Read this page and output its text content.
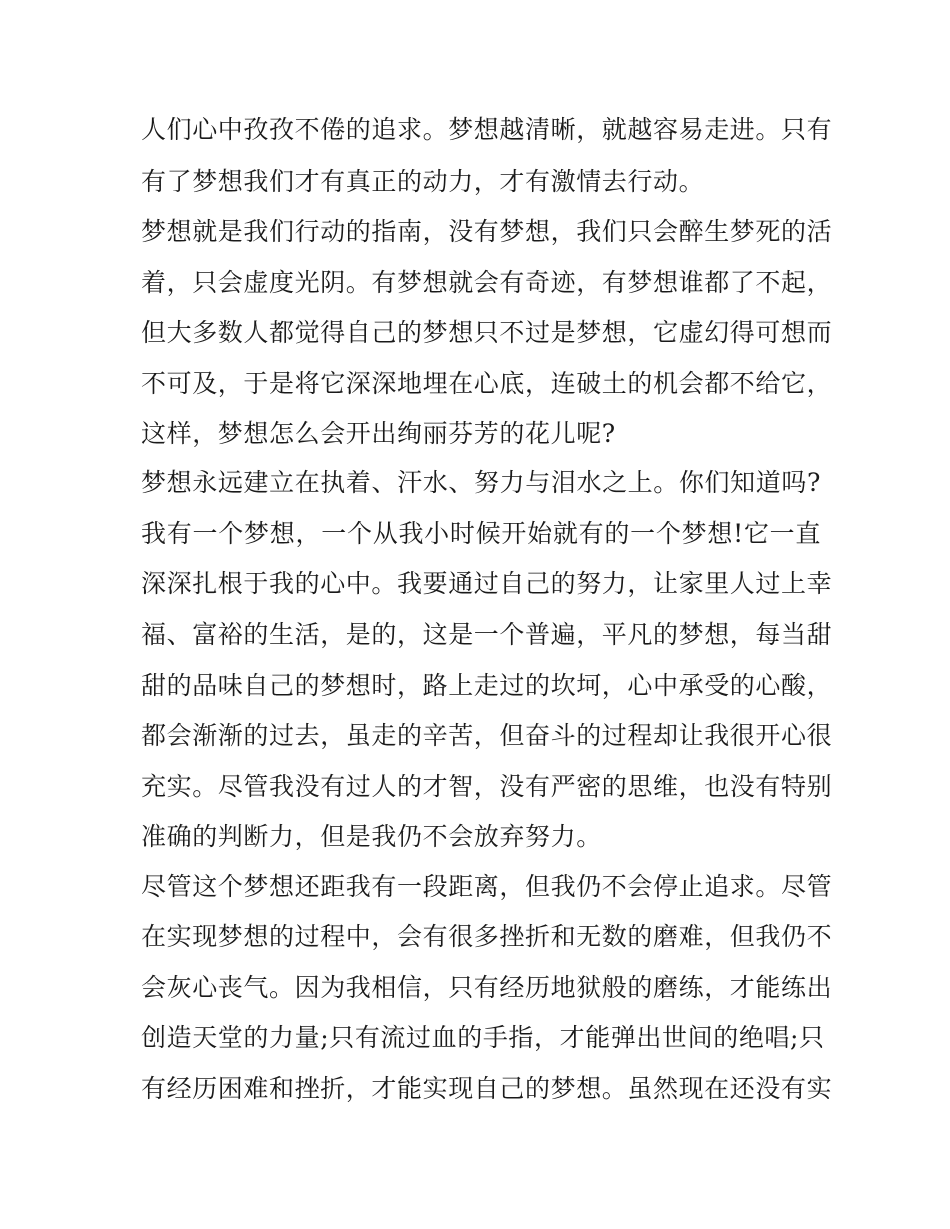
人们心中孜孜不倦的追求。梦想越清晰，就越容易走进。只有
有了梦想我们才有真正的动力，才有激情去行动。
梦想就是我们行动的指南，没有梦想，我们只会醉生梦死的活
着，只会虚度光阴。有梦想就会有奇迹，有梦想谁都了不起，
但大多数人都觉得自己的梦想只不过是梦想，它虚幻得可想而
不可及，于是将它深深地埋在心底，连破土的机会都不给它，
这样，梦想怎么会开出绚丽芬芳的花儿呢?
梦想永远建立在执着、汗水、努力与泪水之上。你们知道吗?
我有一个梦想，一个从我小时候开始就有的一个梦想!它一直
深深扎根于我的心中。我要通过自己的努力，让家里人过上幸
福、富裕的生活，是的，这是一个普遍，平凡的梦想，每当甜
甜的品味自己的梦想时，路上走过的坎坷，心中承受的心酸，
都会渐渐的过去，虽走的辛苦，但奋斗的过程却让我很开心很
充实。尽管我没有过人的才智，没有严密的思维，也没有特别
准确的判断力，但是我仍不会放弃努力。
尽管这个梦想还距我有一段距离，但我仍不会停止追求。尽管
在实现梦想的过程中，会有很多挫折和无数的磨难，但我仍不
会灰心丧气。因为我相信，只有经历地狱般的磨练，才能练出
创造天堂的力量;只有流过血的手指，才能弹出世间的绝唱;只
有经历困难和挫折，才能实现自己的梦想。虽然现在还没有实
